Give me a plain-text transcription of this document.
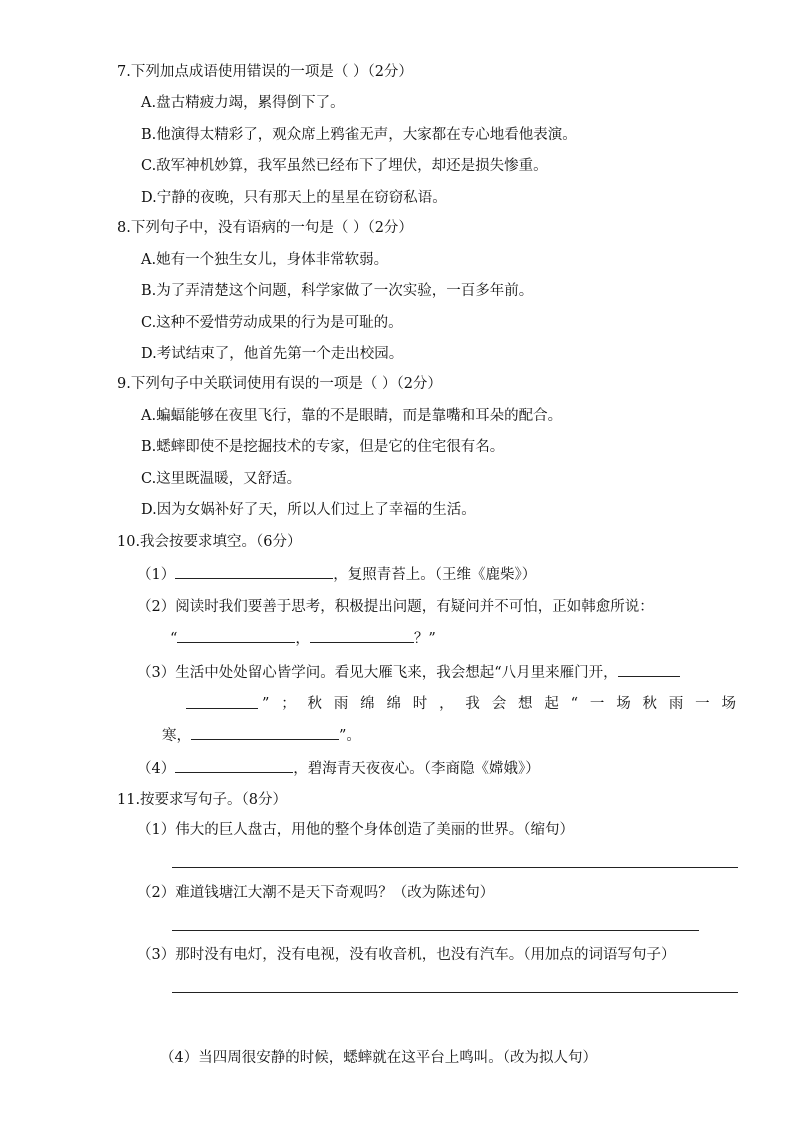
7.下列加点成语使用错误的一项是（ ）（2分）
A.盘古精疲力竭，累得倒下了。
B.他演得太精彩了，观众席上鸦雀无声，大家都在专心地看他表演。
C.敌军神机妙算，我军虽然已经布下了埋伏，却还是损失惨重。
D.宁静的夜晚，只有那天上的星星在窃窃私语。
8.下列句子中，没有语病的一句是（ ）（2分）
A.她有一个独生女儿，身体非常软弱。
B.为了弄清楚这个问题，科学家做了一次实验，一百多年前。
C.这种不爱惜劳动成果的行为是可耻的。
D.考试结束了，他首先第一个走出校园。
9.下列句子中关联词使用有误的一项是（ ）（2分）
A.蝙蝠能够在夜里飞行，靠的不是眼睛，而是靠嘴和耳朵的配合。
B.蟋蟀即使不是挖掘技术的专家，但是它的住宅很有名。
C.这里既温暖，又舒适。
D.因为女娲补好了天，所以人们过上了幸福的生活。
10.我会按要求填空。（6分）
（1）	，复照青苔上。（王维《鹿柴》）
（2）阅读时我们要善于思考，积极提出问题，有疑问并不可怕，正如韩愈所说：
“	，	？”
（3）生活中处处留心皆学问。看见大雁飞来，我会想起“八月里来雁门开，
” ； 秋 雨 绵 绵 时 ， 我 会 想 起 “ 一 场 秋 雨 一 场
寒，	”。
（4）	，碧海青天夜夜心。（李商隐《嫦娥》）
11.按要求写句子。（8分）
（1）伟大的巨人盘古，用他的整个身体创造了美丽的世界。（缩句）
（2）难道钱塘江大潮不是天下奇观吗？（改为陈述句）
（3）那时没有电灯，没有电视，没有收音机，也没有汽车。（用加点的词语写句子）
（4）当四周很安静的时候，蟋蟀就在这平台上鸣叫。（改为拟人句）
